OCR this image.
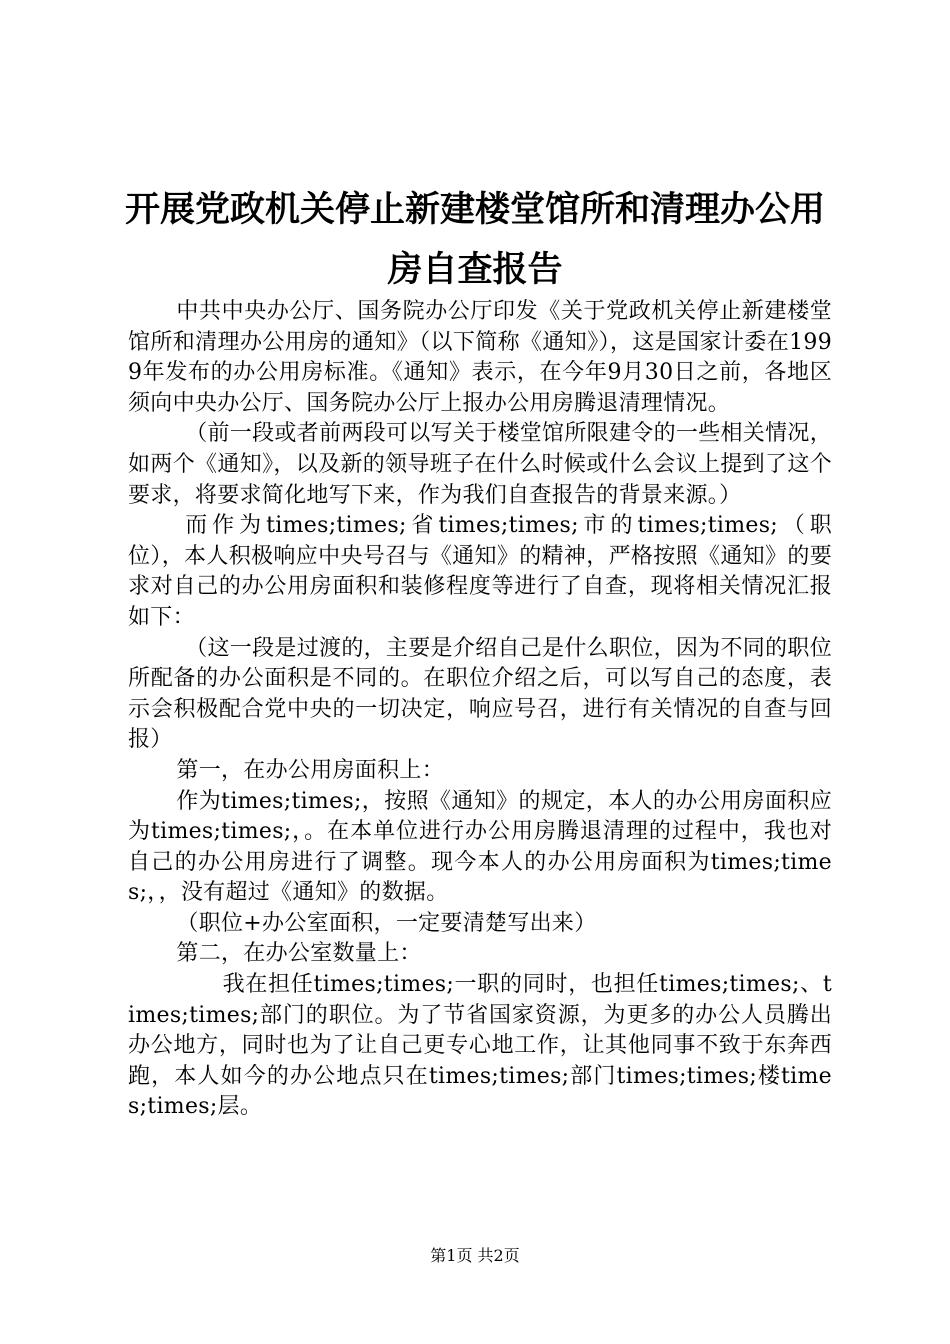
开展党政机关停止新建楼堂馆所和清理办公用
房自查报告

中共中央办公厅、国务院办公厅印发《关于党政机关停止新建楼堂馆所和清理办公用房的通知》（以下简称《通知》），这是国家计委在1999年发布的办公用房标准。《通知》表示，在今年9月30日之前，各地区须向中央办公厅、国务院办公厅上报办公用房腾退清理情况。

（前一段或者前两段可以写关于楼堂馆所限建令的一些相关情况，如两个《通知》，以及新的领导班子在什么时候或什么会议上提到了这个要求，将要求简化地写下来，作为我们自查报告的背景来源。）

而作为times;times;省times;times;市的times;times;（职位），本人积极响应中央号召与《通知》的精神，严格按照《通知》的要求对自己的办公用房面积和装修程度等进行了自查，现将相关情况汇报如下：

（这一段是过渡的，主要是介绍自己是什么职位，因为不同的职位所配备的办公面积是不同的。在职位介绍之后，可以写自己的态度，表示会积极配合党中央的一切决定，响应号召，进行有关情况的自查与回报）

第一，在办公用房面积上：

作为times;times;，按照《通知》的规定，本人的办公用房面积应为times;times;，。在本单位进行办公用房腾退清理的过程中，我也对自己的办公用房进行了调整。现今本人的办公用房面积为times;times;，，没有超过《通知》的数据。

（职位+办公室面积，一定要清楚写出来）

第二，在办公室数量上：

我在担任times;times;一职的同时，也担任times;times;、times;times;部门的职位。为了节省国家资源，为更多的办公人员腾出办公地方，同时也为了让自己更专心地工作，让其他同事不致于东奔西跑，本人如今的办公地点只在times;times;部门times;times;楼times;times;层。

第1页 共2页
